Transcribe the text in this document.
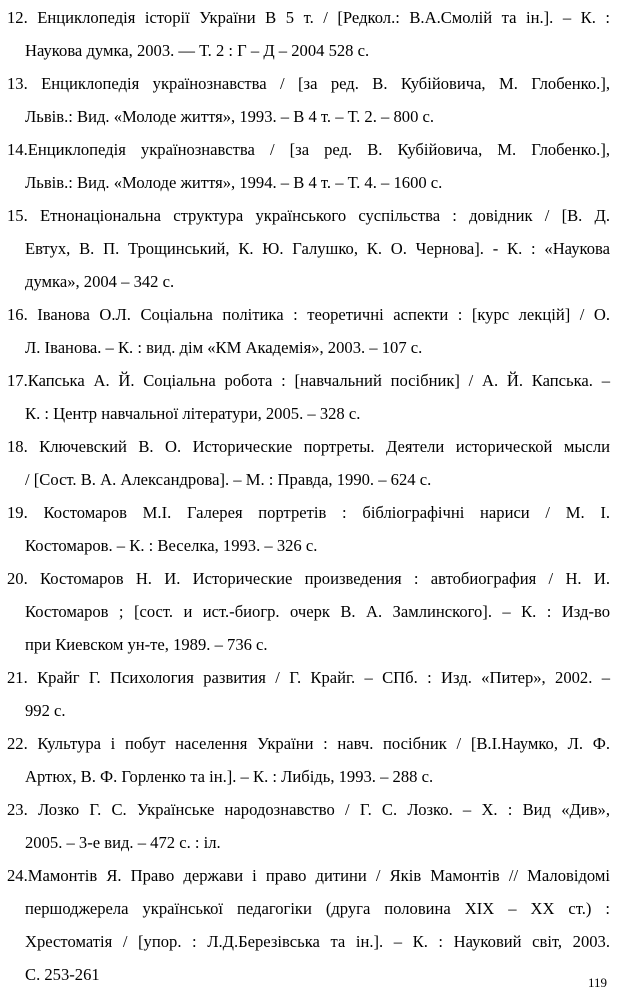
12. Енциклопедія історії України В 5 т. / [Редкол.: В.А.Смолій та ін.]. – К. :
Наукова думка, 2003. — Т. 2 : Г – Д – 2004 528 с.
13. Енциклопедія українознавства / [за ред. В. Кубійовича, М. Глобенко.],
Львів.: Вид. «Молоде життя», 1993. – В 4 т. – Т. 2. – 800 с.
14.Енциклопедія українознавства / [за ред. В. Кубійовича, М. Глобенко.],
Львів.: Вид. «Молоде життя», 1994. – В 4 т. – Т. 4. – 1600 с.
15. Етнонаціональна структура українського суспільства : довідник / [В. Д.
Евтух, В. П. Трощинський, К. Ю. Галушко, К. О. Чернова]. - К. : «Наукова
думка», 2004 – 342 с.
16. Іванова О.Л. Соціальна політика : теоретичні аспекти : [курс лекцій] / О.
Л. Іванова. – К. : вид. дім «КМ Академія», 2003. – 107 с.
17.Капська А. Й. Соціальна робота : [навчальний посібник] / А. Й. Капська. –
К. : Центр навчальної літератури, 2005. – 328 с.
18. Ключевский В. О. Исторические портреты. Деятели исторической мысли
/ [Сост. В. А. Александрова]. – М. : Правда, 1990. – 624 с.
19. Костомаров М.І. Галерея портретів : бібліографічні нариси / М. І.
Костомаров. – К. : Веселка, 1993. – 326 с.
20. Костомаров Н. И. Исторические произведения : автобиография / Н. И.
Костомаров ; [сост. и ист.-биогр. очерк В. А. Замлинского]. – К. : Изд-во
при Киевском ун-те, 1989. – 736 с.
21. Крайг Г. Психология развития / Г. Крайг. – СПб. : Изд. «Питер», 2002. –
992 с.
22. Культура і побут населення України : навч. посібник / [В.І.Наумко, Л. Ф.
Артюх, В. Ф. Горленко та ін.]. – К. : Либідь, 1993. – 288 с.
23. Лозко Г. С. Українське народознавство / Г. С. Лозко. – Х. : Вид «Див»,
2005. – 3-е вид. – 472 с. : іл.
24.Мамонтів Я. Право держави і право дитини / Яків Мамонтів // Маловідомі
першоджерела української педагогіки (друга половина ХІХ – ХХ ст.) :
Хрестоматія / [упор. : Л.Д.Березівська та ін.]. – К. : Науковий світ, 2003.
С. 253-261	119
